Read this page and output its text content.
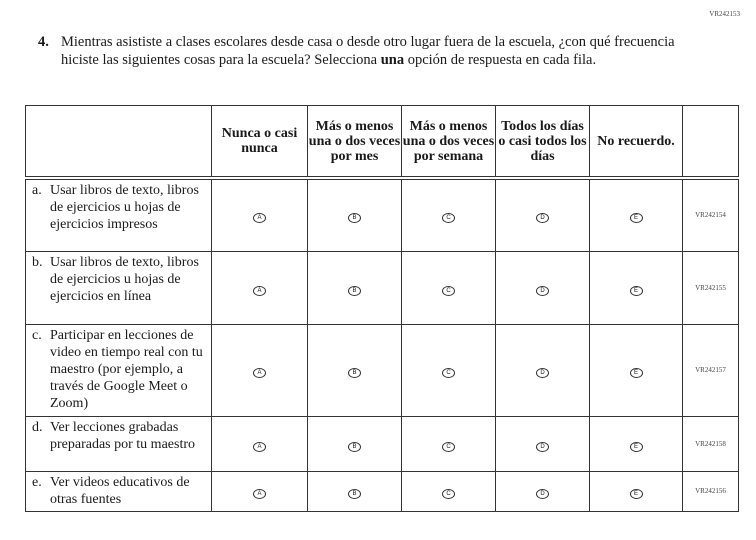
VR242153
4. Mientras asististe a clases escolares desde casa o desde otro lugar fuera de la escuela, ¿con qué frecuencia hiciste las siguientes cosas para la escuela? Selecciona una opción de respuesta en cada fila.
	Nunca o casi nunca	Más o menos una o dos veces por mes	Más o menos una o dos veces por semana	Todos los días o casi todos los días	No recuerdo.	

a. Usar libros de texto, libros de ejercicios u hojas de ejercicios impresos	A	B	C	D	E	VR242154

b. Usar libros de texto, libros de ejercicios u hojas de ejercicios en línea	A	B	C	D	E	VR242155

c. Participar en lecciones de video en tiempo real con tu maestro (por ejemplo, a través de Google Meet o Zoom)	A	B	C	D	E	VR242157

d. Ver lecciones grabadas preparadas por tu maestro	A	B	C	D	E	VR242158

e. Ver videos educativos de otras fuentes	A	B	C	D	E	VR242156
